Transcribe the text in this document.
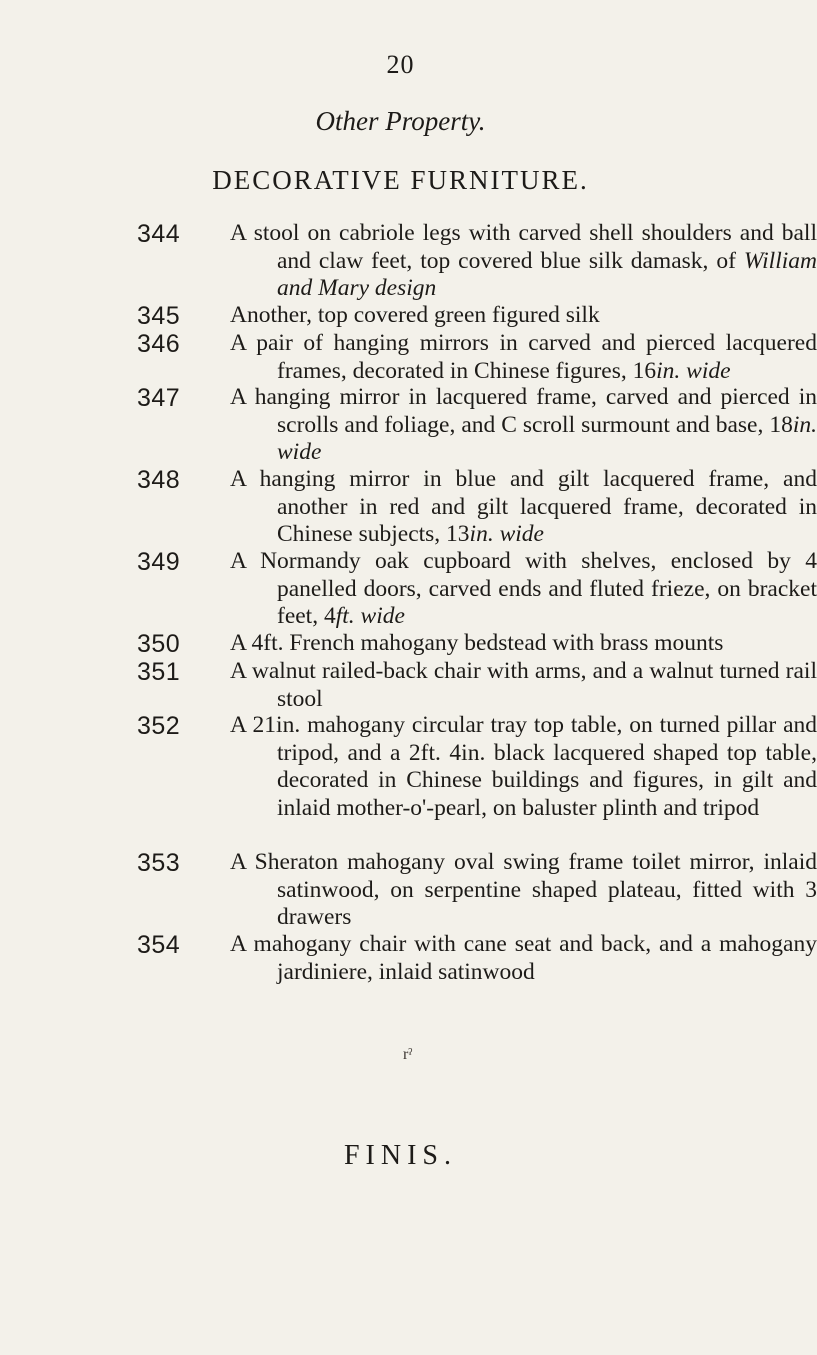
20
Other Property.
DECORATIVE FURNITURE.
344 A stool on cabriole legs with carved shell shoulders and ball and claw feet, top covered blue silk damask, of William and Mary design
345 Another, top covered green figured silk
346 A pair of hanging mirrors in carved and pierced lacquered frames, decorated in Chinese figures, 16in. wide
347 A hanging mirror in lacquered frame, carved and pierced in scrolls and foliage, and C scroll surmount and base, 18in. wide
348 A hanging mirror in blue and gilt lacquered frame, and another in red and gilt lacquered frame, decorated in Chinese subjects, 13in. wide
349 A Normandy oak cupboard with shelves, enclosed by 4 panelled doors, carved ends and fluted frieze, on bracket feet, 4ft. wide
350 A 4ft. French mahogany bedstead with brass mounts
351 A walnut railed-back chair with arms, and a walnut turned rail stool
352 A 21in. mahogany circular tray top table, on turned pillar and tripod, and a 2ft. 4in. black lacquered shaped top table, decorated in Chinese buildings and figures, in gilt and inlaid mother-o'-pearl, on baluster plinth and tripod
353 A Sheraton mahogany oval swing frame toilet mirror, inlaid satinwood, on serpentine shaped plateau, fitted with 3 drawers
354 A mahogany chair with cane seat and back, and a mahogany jardiniere, inlaid satinwood
rˀ
FINIS.
